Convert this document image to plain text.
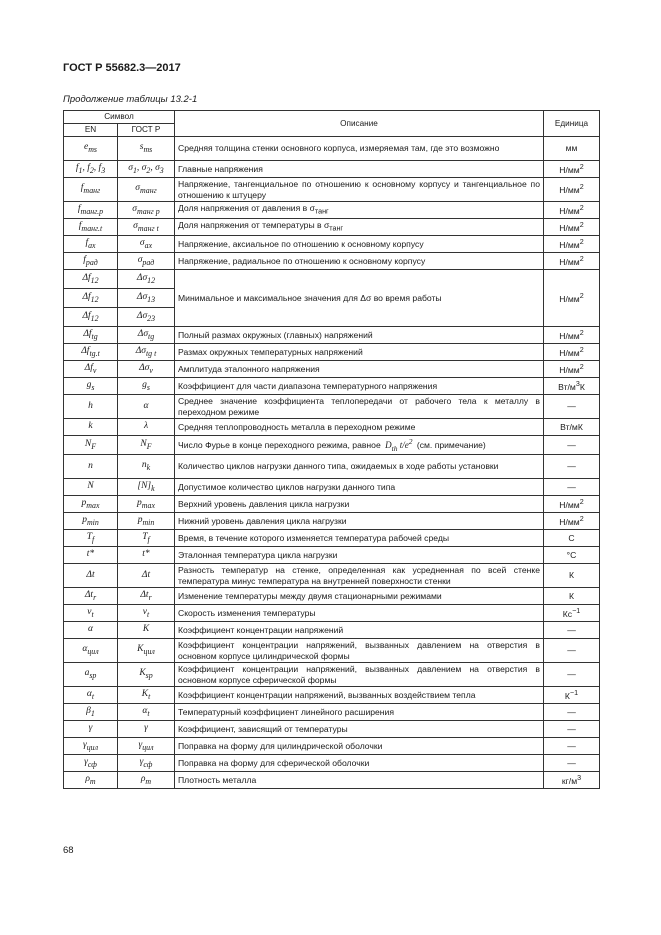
ГОСТ Р 55682.3—2017
Продолжение таблицы 13.2-1
Символ		Описание	Единица
EN	ГОСТ Р		
$e_{ms}$	$s_{ms}$	Средняя толщина стенки основного корпуса, измеряемая там, где это возможно	мм
$f_1$, $f_2$, $f_3$	$\sigma_1$, $\sigma_2$, $\sigma_3$	Главные напряжения	$Н/мм^2$
$f_{танг}$	$\sigma_{танг}$	Напряжение, тангенциальное по отношению к основному корпусу и тангенциальное по отношению к штуцеру	$Н/мм^2$
$f_{танг.p}$	$\sigma_{танг p}$	Доля напряжения от давления в $\sigma_{танг}$	$Н/мм^2$
$f_{танг.t}$	$\sigma_{танг t}$	Доля напряжения от температуры в $\sigma_{танг}$	$Н/мм^2$
$f_{ax}$	$\sigma_{ax}$	Напряжение, аксиальное по отношению к основному корпусу	$Н/мм^2$
$f_{рад}$	$\sigma_{рад}$	Напряжение, радиальное по отношению к основному корпусу	$Н/мм^2$
$\Delta f_{12}$	$\Delta\sigma_{12}$	Минимальное и максимальное значения для Δσ во время работы	$Н/мм^2$
$\Delta f_{12}$	$\Delta\sigma_{13}$
$\Delta f_{12}$	$\Delta\sigma_{23}$
$\Delta f_{tg}$	$\Delta\sigma_{tg}$	Полный размах окружных (главных) напряжений	$Н/мм^2$
$\Delta f_{tg.t}$	$\Delta\sigma_{tg t}$	Размах окружных температурных напряжений	$Н/мм^2$
$\Delta f_v$	$\Delta\sigma_v$	Амплитуда эталонного напряжения	$Н/мм^2$
$g_s$	$g_s$	Коэффициент для части диапазона температурного напряжения	$Вт/м^3К$
h	α	Среднее значение коэффициента теплопередачи от рабочего тела к металлу в переходном режиме	—
k	λ	Средняя теплопроводность металла в переходном режиме	Вт/мК
$N_F$	$N_F$	Число Фурье в конце переходного режима, равное $D_{th}$ $t/e^2$ (см. примечание)	—
n	$n_k$	Количество циклов нагрузки данного типа, ожидаемых в ходе работы установки	—
N	$[N]_k$	Допустимое количество циклов нагрузки данного типа	—
$p_{max}$	$p_{max}$	Верхний уровень давления цикла нагрузки	$Н/мм^2$
$p_{min}$	$p_{min}$	Нижний уровень давления цикла нагрузки	$Н/мм^2$
$T_f$	$T_f$	Время, в течение которого изменяется температура рабочей среды	С
t*	t*	Эталонная температура цикла нагрузки	°С
Δt	Δt	Разность температур на стенке, определенная как усредненная по всей стенке температура минус температура на внутренней поверхности стенки	К
$\Delta t_r$	$\Delta t_r$	Изменение температуры между двумя стационарными режимами	К
$v_t$	$v_t$	Скорость изменения температуры	$Кс^{-1}$
α	K	Коэффициент концентрации напряжений	—
$\alpha_{цил}$	$K_{цил}$	Коэффициент концентрации напряжений, вызванных давлением на отверстия в основном корпусе цилиндрической формы	—
$a_{sp}$	$K_{sp}$	Коэффициент концентрации напряжений, вызванных давлением на отверстия в основном корпусе сферической формы	—
$\alpha_t$	$K_t$	Коэффициент концентрации напряжений, вызванных воздействием тепла	$К^{-1}$
$\beta_1$	$\alpha_t$	Температурный коэффициент линейного расширения	—
γ	γ	Коэффициент, зависящий от температуры	—
$\gamma_{цил}$	$\gamma_{цил}$	Поправка на форму для цилиндрической оболочки	—
$\gamma_{сф}$	$\gamma_{сф}$	Поправка на форму для сферической оболочки	—
$\rho_m$	$\rho_m$	Плотность металла	$кг/м^3$
68
